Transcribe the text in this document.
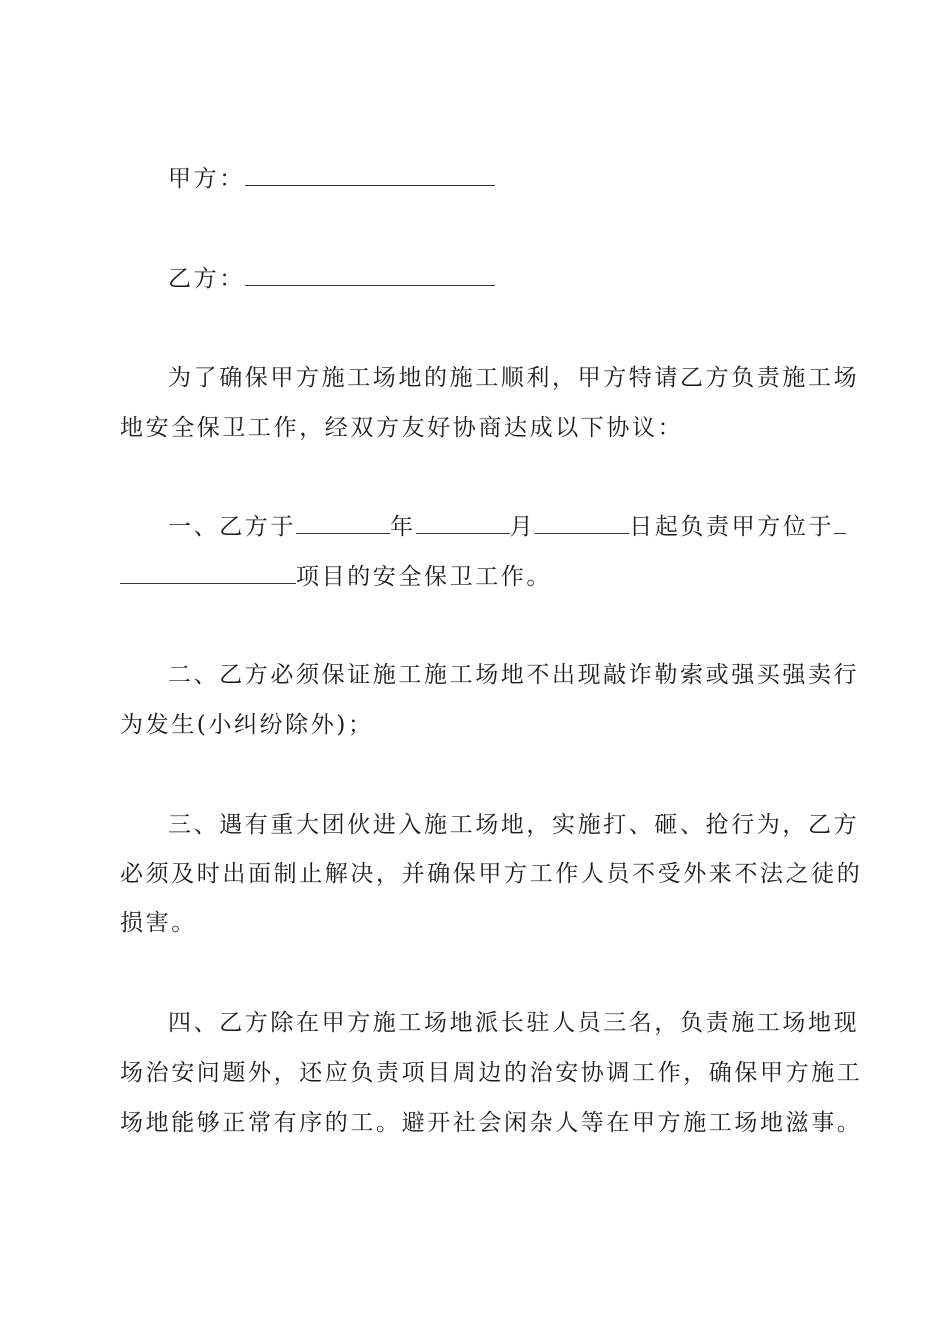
甲方：
乙方：
为了确保甲方施工场地的施工顺利，甲方特请乙方负责施工场
地安全保卫工作，经双方友好协商达成以下协议：
一、乙方于	年	月	日起负责甲方位于
项目的安全保卫工作。
二、乙方必须保证施工施工场地不出现敲诈勒索或强买强卖行
为发生(小纠纷除外)；
三、遇有重大团伙进入施工场地，实施打、砸、抢行为，乙方
必须及时出面制止解决，并确保甲方工作人员不受外来不法之徒的
损害。
四、乙方除在甲方施工场地派长驻人员三名，负责施工场地现
场治安问题外，还应负责项目周边的治安协调工作，确保甲方施工
场地能够正常有序的工。避开社会闲杂人等在甲方施工场地滋事。
